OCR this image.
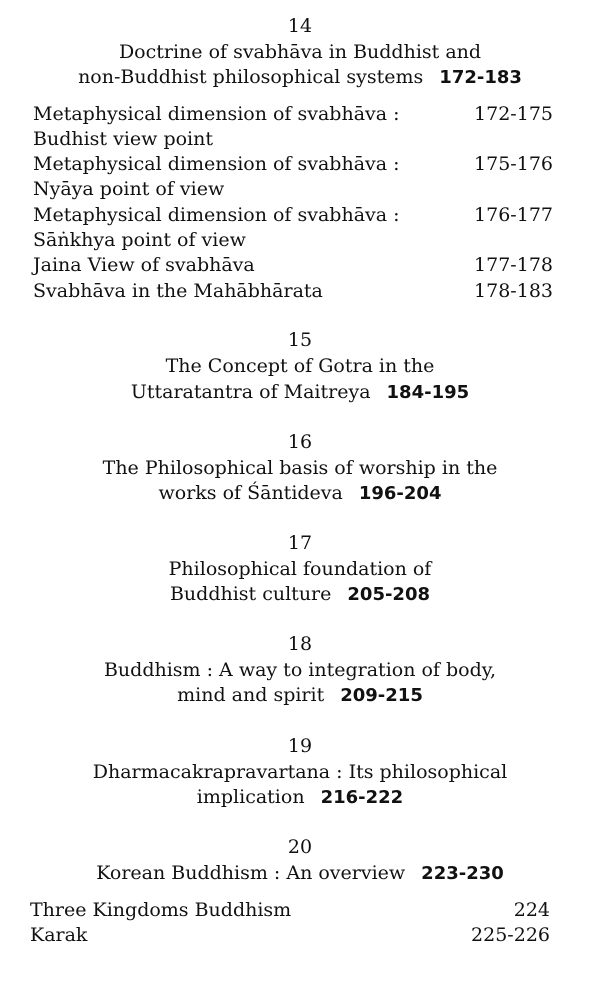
14
Doctrine of svabhāva in Buddhist and
non-Buddhist philosophical systems 172-183
Metaphysical dimension of svabhāva :	172-175
Budhist view point
Metaphysical dimension of svabhāva :	175-176
Nyāya point of view
Metaphysical dimension of svabhāva :	176-177
Sāṅkhya point of view
Jaina View of svabhāva	177-178
Svabhāva in the Mahābhārata	178-183
15
The Concept of Gotra in the
Uttaratantra of Maitreya 184-195
16
The Philosophical basis of worship in the
works of Śāntideva 196-204
17
Philosophical foundation of
Buddhist culture 205-208
18
Buddhism : A way to integration of body,
mind and spirit 209-215
19
Dharmacakrapravartana : Its philosophical
implication 216-222
20
Korean Buddhism : An overview 223-230
Three Kingdoms Buddhism	224
Karak	225-226
